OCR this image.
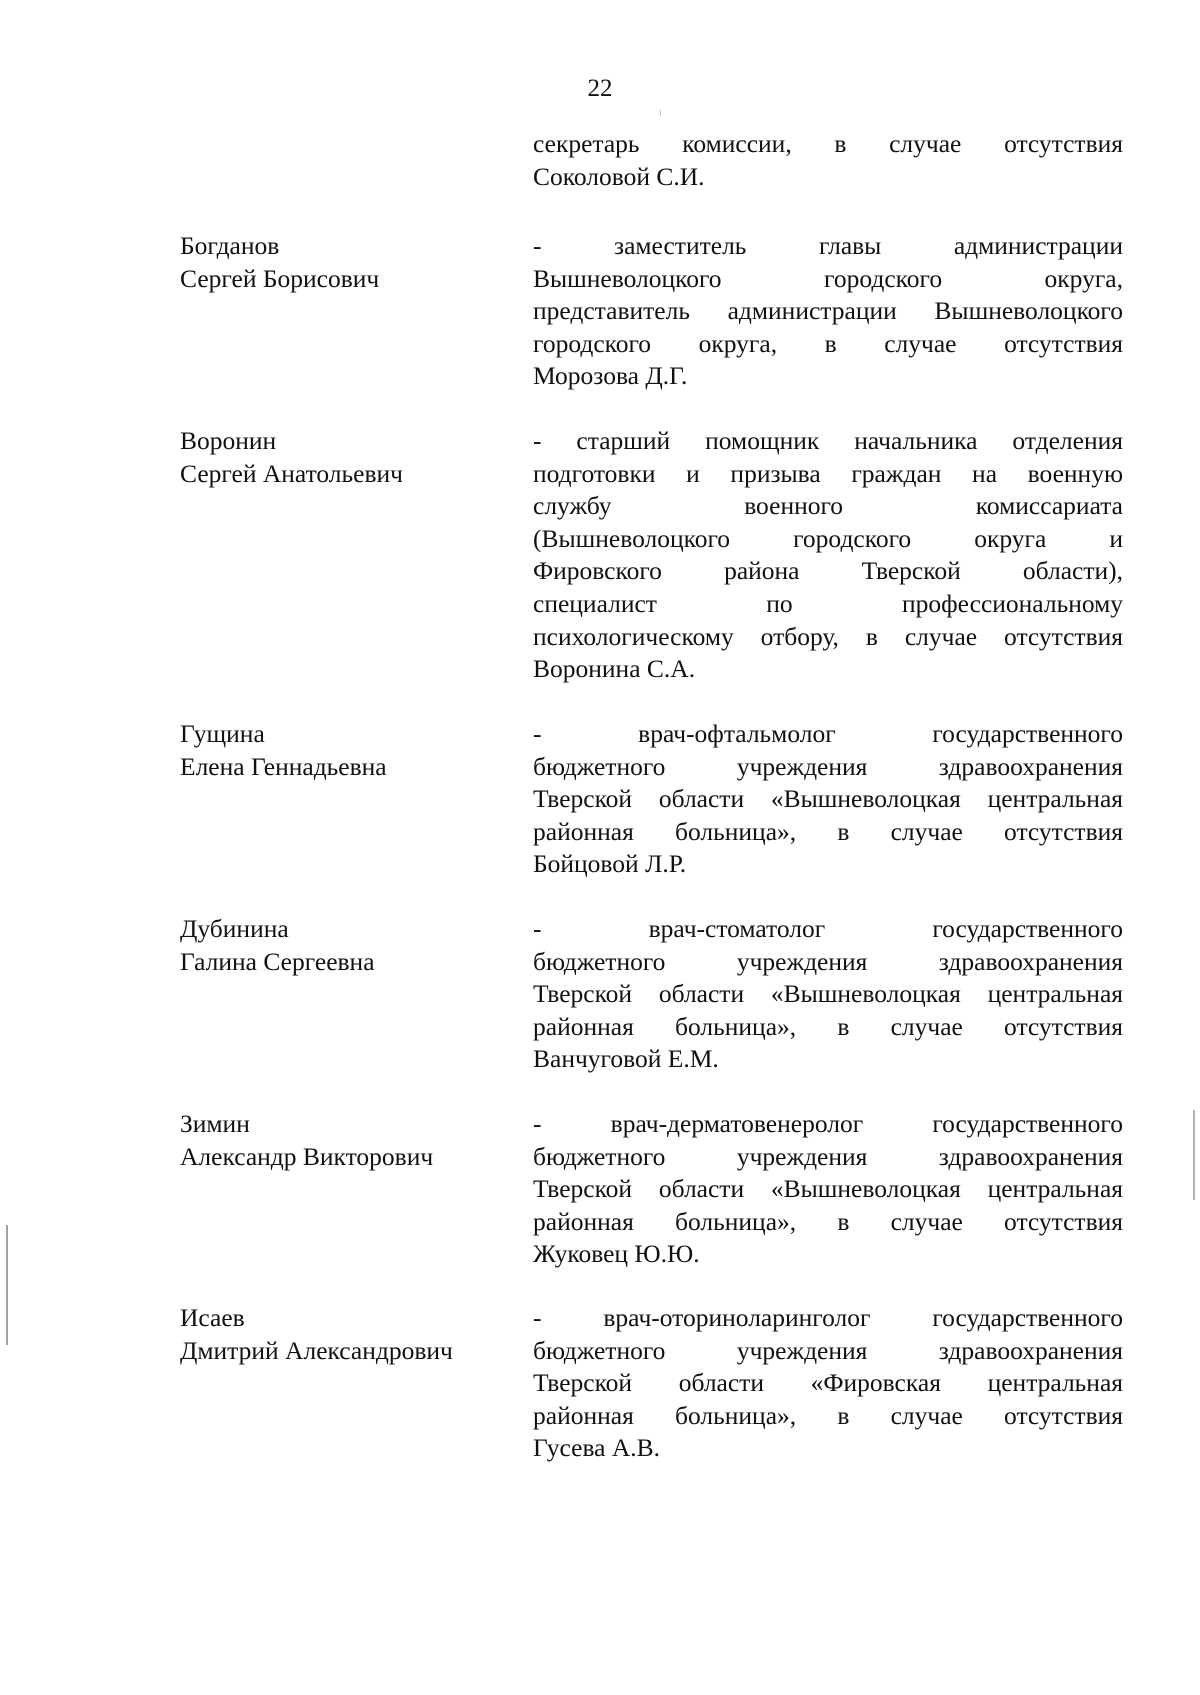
22
секретарь комиссии, в случае отсутствия
Соколовой С.И.
Богданов
Сергей Борисович
- заместитель главы администрации
Вышневолоцкого городского округа,
представитель администрации Вышневолоцкого
городского округа, в случае отсутствия
Морозова Д.Г.
Воронин
Сергей Анатольевич
- старший помощник начальника отделения
подготовки и призыва граждан на военную
службу военного комиссариата
(Вышневолоцкого городского округа и
Фировского района Тверской области),
специалист по профессиональному
психологическому отбору, в случае отсутствия
Воронина С.А.
Гущина
Елена Геннадьевна
- врач-офтальмолог государственного
бюджетного учреждения здравоохранения
Тверской области «Вышневолоцкая центральная
районная больница», в случае отсутствия
Бойцовой Л.Р.
Дубинина
Галина Сергеевна
- врач-стоматолог государственного
бюджетного учреждения здравоохранения
Тверской области «Вышневолоцкая центральная
районная больница», в случае отсутствия
Ванчуговой Е.М.
Зимин
Александр Викторович
- врач-дерматовенеролог государственного
бюджетного учреждения здравоохранения
Тверской области «Вышневолоцкая центральная
районная больница», в случае отсутствия
Жуковец Ю.Ю.
Исаев
Дмитрий Александрович
- врач-оториноларинголог государственного
бюджетного учреждения здравоохранения
Тверской области «Фировская центральная
районная больница», в случае отсутствия
Гусева А.В.
